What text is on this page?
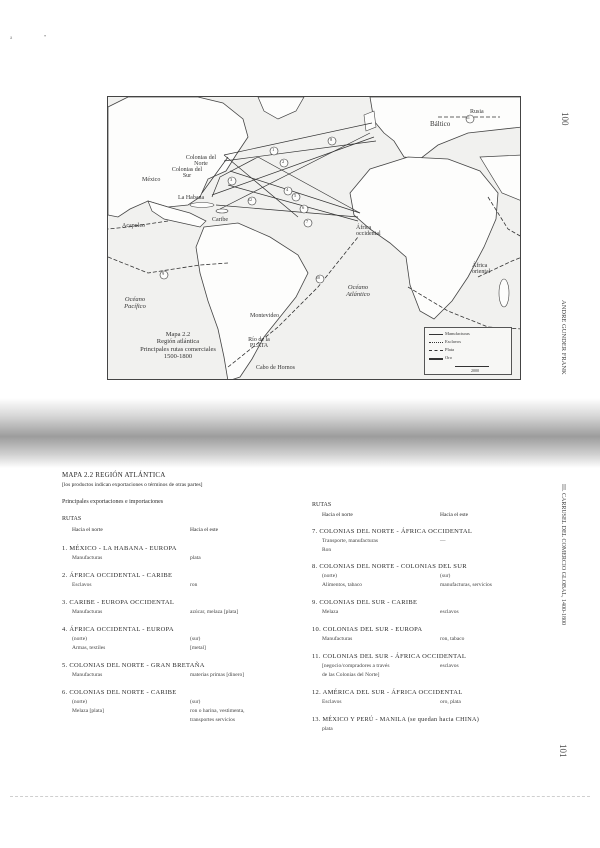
a	•
1
2
3
4
5
6
7
8
9
10
11
12
Báltico
Rusia
Colonias del Norte
Colonias del Sur
La Habana
Caribe
México
Acapulco	África occidental
África oriental
Océano Atlántico
Océano Pacífico
Río de la PLATA
Montevideo
Cabo de Hornos
Mapa 2.2
Región atlántica
Principales rutas comerciales
1500-1800
Manufacturas
Esclavos
Plata
Oro
2000
100
ANDRE GUNDER FRANK
MAPA 2.2 REGIÓN ATLÁNTICA
[los productos indican exportaciones o términos de otras partes]
Principales exportaciones e importaciones
RUTAS
Hacia el norte	Hacia el este
1. MÉXICO - LA HABANA - EUROPA
Manufacturas	plata
2. ÁFRICA OCCIDENTAL - CARIBE
Esclavos	ron
3. CARIBE - EUROPA OCCIDENTAL
Manufacturas	azúcar, melaza [plata]
4. ÁFRICA OCCIDENTAL - EUROPA
(norte)	(sur)
Armas, textiles	[metal]
5. COLONIAS DEL NORTE - GRAN BRETAÑA
Manufacturas	materias primas [dinero]
6. COLONIAS DEL NORTE - CARIBE
(norte)	(sur)
Melaza [plata]	ron o harina, vestimenta,
transportes servicios
RUTAS
Hacia el norte	Hacia el este
7. COLONIAS DEL NORTE - ÁFRICA OCCIDENTAL
Transporte, manufacturas	—
Ron
8. COLONIAS DEL NORTE - COLONIAS DEL SUR
(norte)	(sur)
Alimentos, tabaco	manufacturas, servicios
9. COLONIAS DEL SUR - CARIBE
Melaza	esclavos
10. COLONIAS DEL SUR - EUROPA
Manufacturas	ron, tabaco
11. COLONIAS DEL SUR - ÁFRICA OCCIDENTAL
[negocio/compradores a través	esclavos
de las Colonias del Norte]
12. AMÉRICA DEL SUR - ÁFRICA OCCIDENTAL
Esclavos	oro, plata
13. MÉXICO Y PERÚ - MANILA (se quedan hacia CHINA)
plata
III. CARRUSEL DEL COMERCIO GLOBAL, 1400-1800
101
